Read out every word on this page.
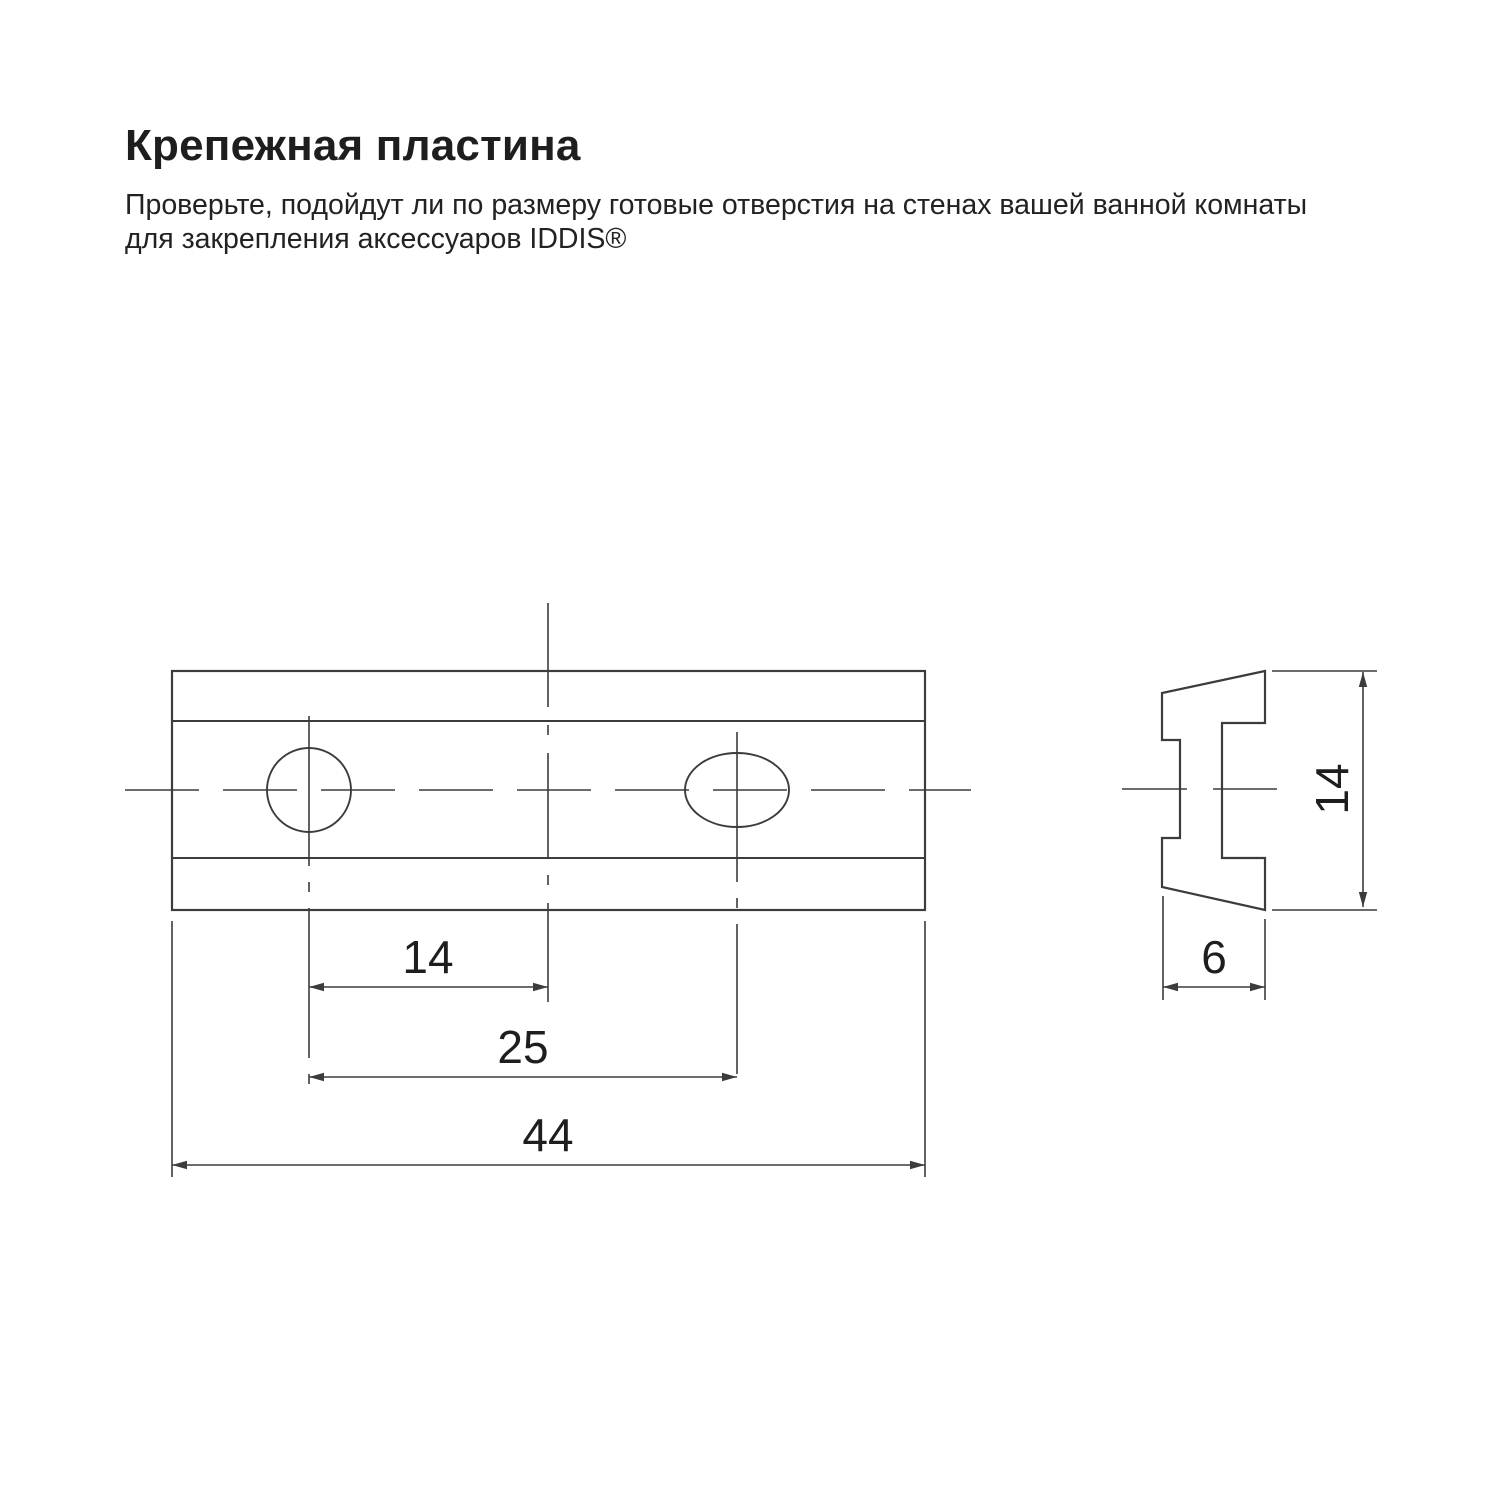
Крепежная пластина

Проверьте, подойдут ли по размеру готовые отверстия на стенах вашей ванной комнаты
для закрепления аксессуаров IDDIS®

14
25
44
14
6
